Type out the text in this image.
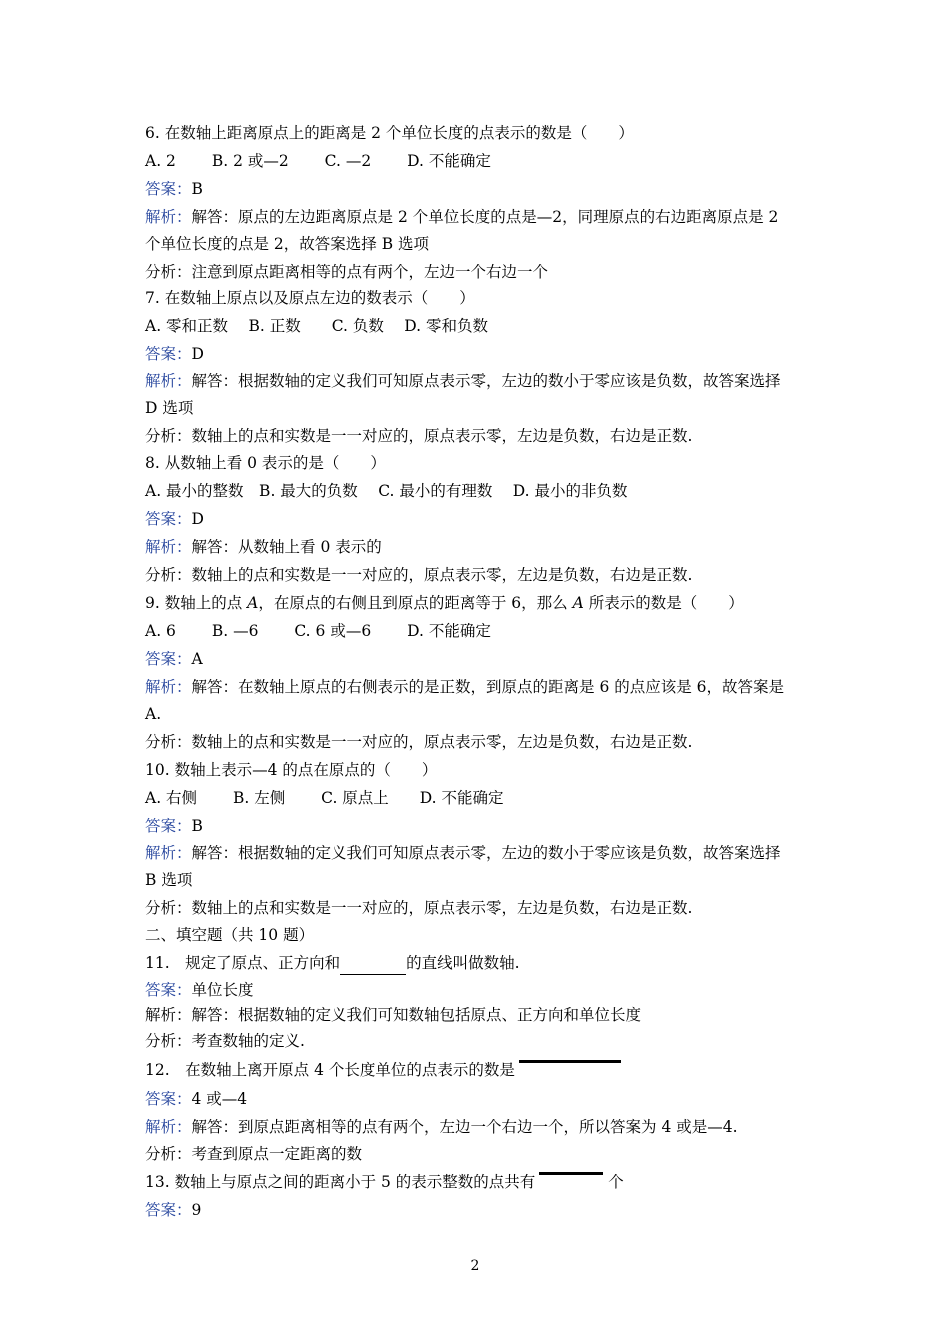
6. 在数轴上距离原点上的距离是 2 个单位长度的点表示的数是（　　）
A. 2　　 B. 2 或—2　　 C. —2　　 D. 不能确定
答案：B
解析：解答：原点的左边距离原点是 2 个单位长度的点是—2，同理原点的右边距离原点是 2
个单位长度的点是 2，故答案选择 B 选项
分析：注意到原点距离相等的点有两个，左边一个右边一个
7. 在数轴上原点以及原点左边的数表示（　　）
A. 零和正数　 B. 正数　　C. 负数　 D. 零和负数
答案：D
解析：解答：根据数轴的定义我们可知原点表示零，左边的数小于零应该是负数，故答案选择
D 选项
分析：数轴上的点和实数是一一对应的，原点表示零，左边是负数，右边是正数.
8. 从数轴上看 0 表示的是（　　）
A. 最小的整数　B. 最大的负数　 C. 最小的有理数　 D. 最小的非负数
答案：D
解析：解答：从数轴上看 0 表示的
分析：数轴上的点和实数是一一对应的，原点表示零，左边是负数，右边是正数.
9. 数轴上的点 A，在原点的右侧且到原点的距离等于 6，那么 A 所表示的数是（　　）
A. 6　　 B. —6　　 C. 6 或—6　　 D. 不能确定
答案：A
解析：解答：在数轴上原点的右侧表示的是正数，到原点的距离是 6 的点应该是 6，故答案是
A.
分析：数轴上的点和实数是一一对应的，原点表示零，左边是负数，右边是正数.
10. 数轴上表示—4 的点在原点的（　　）
A. 右侧　　 B. 左侧　　 C. 原点上　　D. 不能确定
答案：B
解析：解答：根据数轴的定义我们可知原点表示零，左边的数小于零应该是负数，故答案选择
B 选项
分析：数轴上的点和实数是一一对应的，原点表示零，左边是负数，右边是正数.
二、填空题（共 10 题）
11.　规定了原点、正方向和	的直线叫做数轴.
答案：单位长度
解析：解答：根据数轴的定义我们可知数轴包括原点、正方向和单位长度
分析：考查数轴的定义.
12.　在数轴上离开原点 4 个长度单位的点表示的数是
答案：4 或—4
解析：解答：到原点距离相等的点有两个，左边一个右边一个，所以答案为 4 或是—4.
分析：考查到原点一定距离的数
13. 数轴上与原点之间的距离小于 5 的表示整数的点共有	个
答案：9
2
